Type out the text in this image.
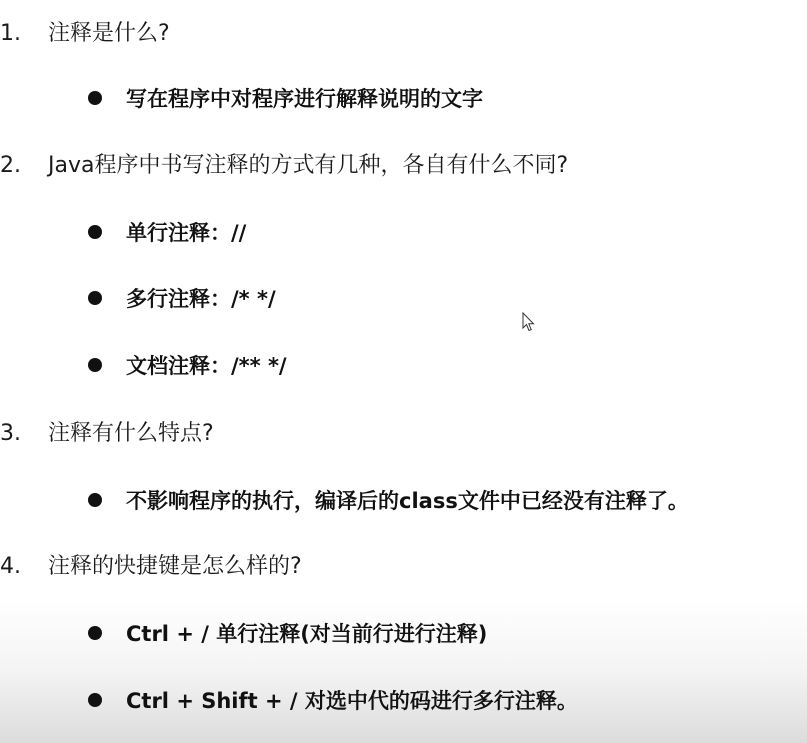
1. 注释是什么?
写在程序中对程序进行解释说明的文字
2. Java程序中书写注释的方式有几种，各自有什么不同?
单行注释：//
多行注释：/* */
文档注释：/** */
3. 注释有什么特点?
不影响程序的执行，编译后的class文件中已经没有注释了。
4. 注释的快捷键是怎么样的?
Ctrl + / 单行注释(对当前行进行注释)
Ctrl + Shift + / 对选中代的码进行多行注释。
